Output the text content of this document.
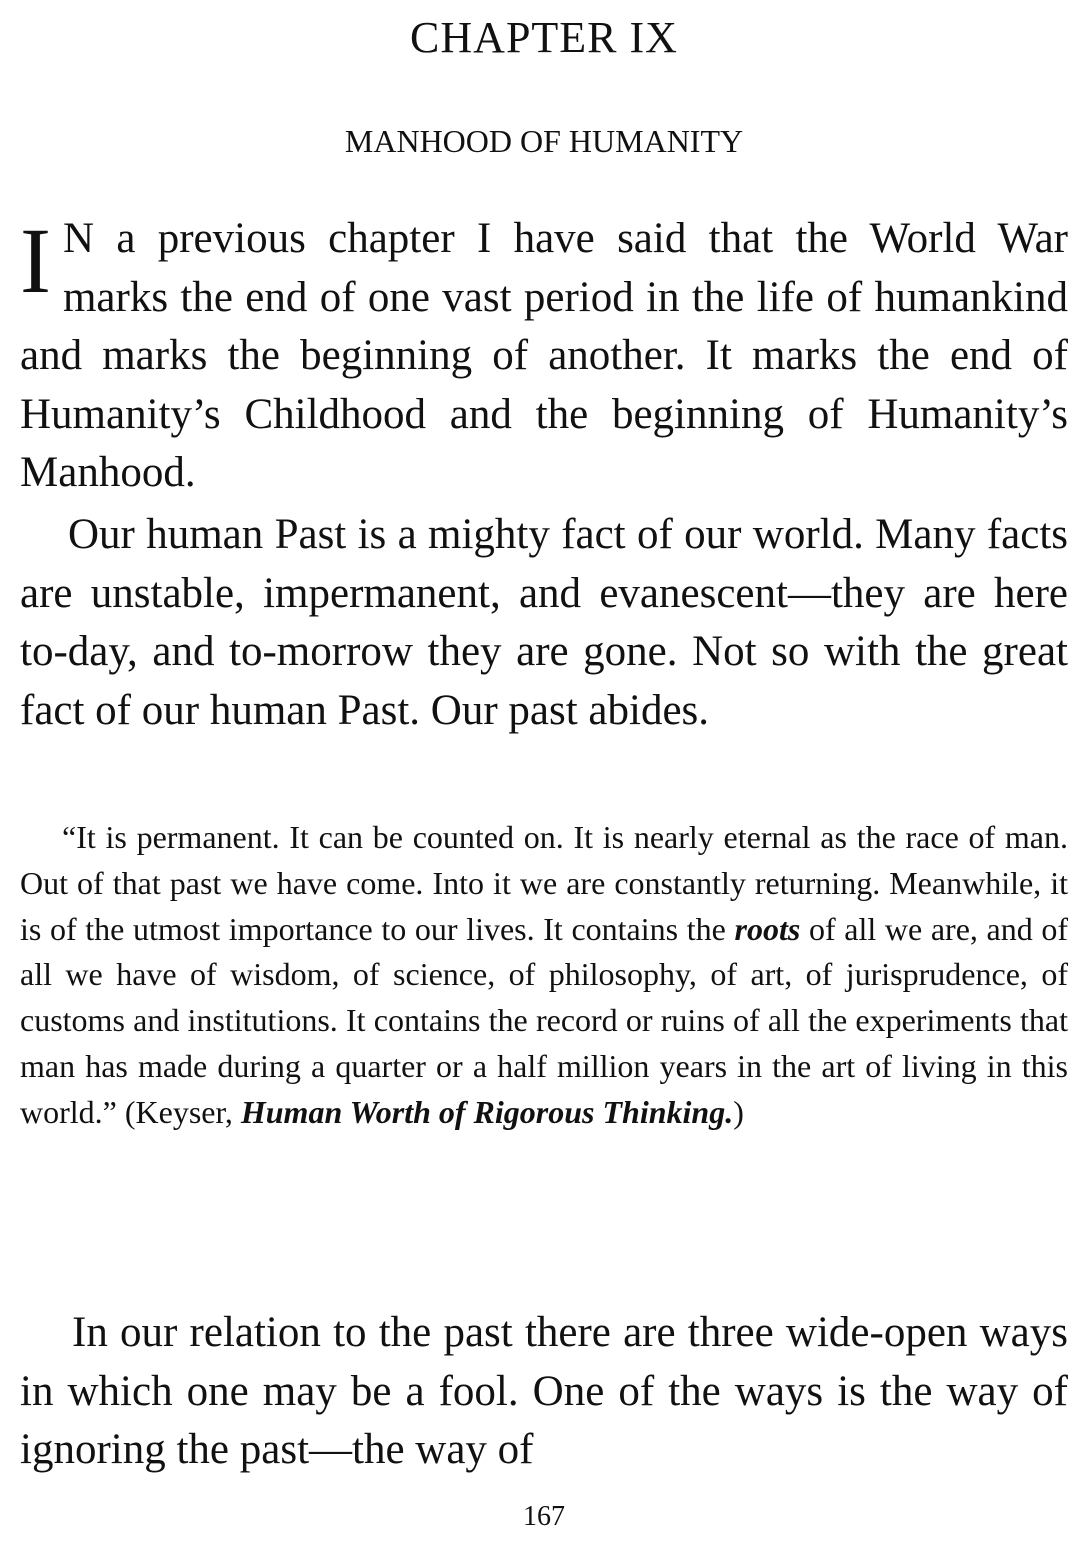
CHAPTER IX
MANHOOD OF HUMANITY

I N a previous chapter I have said that the World War marks the end of one vast period in the life of humankind and marks the beginning of another. It marks the end of Humanity’s Childhood and the beginning of Humanity’s Manhood.

Our human Past is a mighty fact of our world. Many facts are unstable, impermanent, and evanescent—they are here to-day, and to-morrow they are gone. Not so with the great fact of our human Past. Our past abides.

“It is permanent. It can be counted on. It is nearly eternal as the race of man. Out of that past we have come. Into it we are constantly returning. Meanwhile, it is of the utmost importance to our lives. It contains the roots of all we are, and of all we have of wisdom, of science, of philosophy, of art, of jurisprudence, of customs and institutions. It contains the record or ruins of all the experiments that man has made during a quarter or a half million years in the art of living in this world.” (Keyser, Human Worth of Rigorous Thinking.)

In our relation to the past there are three wide-open ways in which one may be a fool. One of the ways is the way of ignoring the past—the way of

167
